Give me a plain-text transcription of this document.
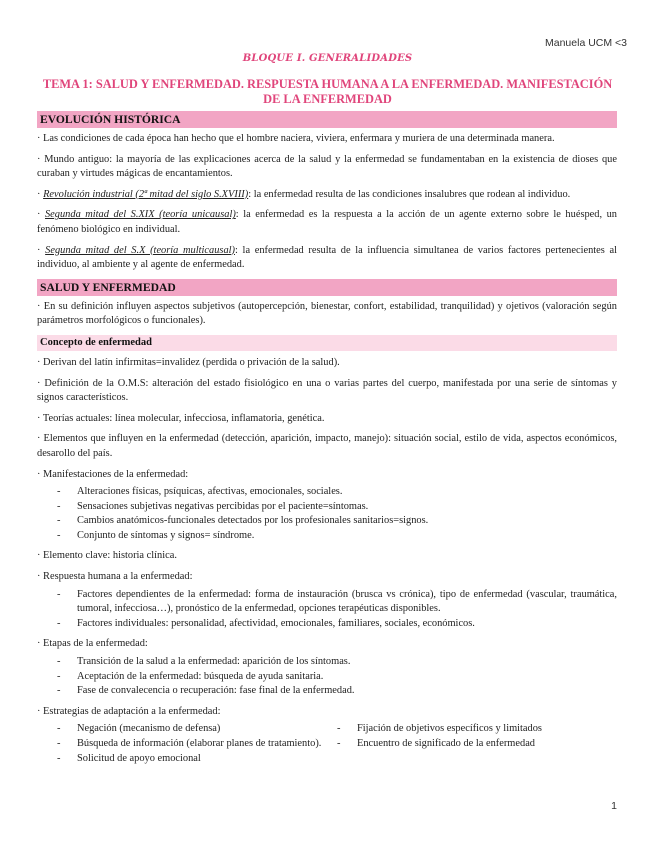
Manuela UCM <3
BLOQUE I. GENERALIDADES
TEMA 1: SALUD Y ENFERMEDAD. RESPUESTA HUMANA A LA ENFERMEDAD. MANIFESTACIÓN DE LA ENFERMEDAD
EVOLUCIÓN HISTÓRICA

· Las condiciones de cada época han hecho que el hombre naciera, viviera, enfermara y muriera de una determinada manera.

· Mundo antiguo: la mayoría de las explicaciones acerca de la salud y la enfermedad se fundamentaban en la existencia de dioses que curaban y virtudes mágicas de encantamientos.

· Revolución industrial (2ª mitad del siglo S.XVIII): la enfermedad resulta de las condiciones insalubres que rodean al individuo.

· Segunda mitad del S.XIX (teoría unicausal): la enfermedad es la respuesta a la acción de un agente externo sobre le huésped, un fenómeno biológico en individual.

· Segunda mitad del S.X (teoría multicausal): la enfermedad resulta de la influencia simultanea de varios factores pertenecientes al individuo, al ambiente y al agente de enfermedad.

SALUD Y ENFERMEDAD

· En su definición influyen aspectos subjetivos (autopercepción, bienestar, confort, estabilidad, tranquilidad) y ojetivos (valoración según parámetros morfológicos o funcionales).

Concepto de enfermedad

· Derivan del latín infirmitas=invalidez (perdida o privación de la salud).

· Definición de la O.M.S: alteración del estado fisiológico en una o varias partes del cuerpo, manifestada por una serie de síntomas y signos característicos.

· Teorías actuales: línea molecular, infecciosa, inflamatoria, genética.

· Elementos que influyen en la enfermedad (detección, aparición, impacto, manejo): situación social, estilo de vida, aspectos económicos, desarollo del país.

· Manifestaciones de la enfermedad:

- Alteraciones físicas, psíquicas, afectivas, emocionales, sociales.
- Sensaciones subjetivas negativas percibidas por el paciente=síntomas.
- Cambios anatómicos-funcionales detectados por los profesionales sanitarios=signos.
- Conjunto de síntomas y signos= síndrome.

· Elemento clave: historia clínica.

· Respuesta humana a la enfermedad:

- Factores dependientes de la enfermedad: forma de instauración (brusca vs crónica), tipo de enfermedad (vascular, traumática, tumoral, infecciosa…), pronóstico de la enfermedad, opciones terapéuticas disponibles.
- Factores individuales: personalidad, afectividad, emocionales, familiares, sociales, económicos.

· Etapas de la enfermedad:

- Transición de la salud a la enfermedad: aparición de los síntomas.
- Aceptación de la enfermedad: búsqueda de ayuda sanitaria.
- Fase de convalecencia o recuperación: fase final de la enfermedad.

· Estrategias de adaptación a la enfermedad:

- Negación (mecanismo de defensa)
- Búsqueda de información (elaborar planes de tratamiento).
- Solicitud de apoyo emocional
- Fijación de objetivos específicos y limitados
- Encuentro de significado de la enfermedad
1
